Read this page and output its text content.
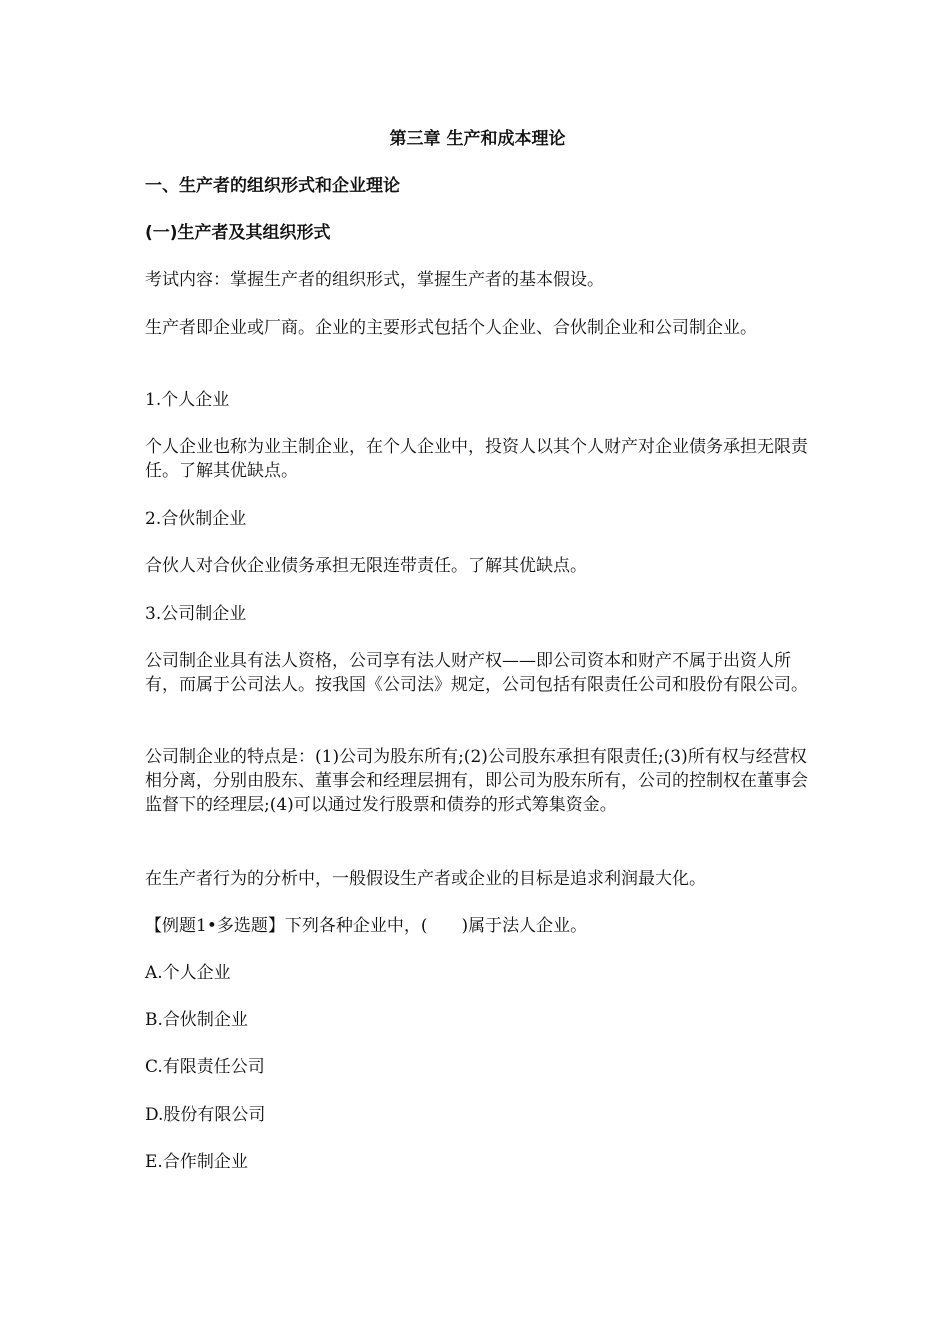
第三章 生产和成本理论
一、生产者的组织形式和企业理论
(一)生产者及其组织形式
考试内容：掌握生产者的组织形式，掌握生产者的基本假设。
生产者即企业或厂商。企业的主要形式包括个人企业、合伙制企业和公司制企业。
1.个人企业
个人企业也称为业主制企业，在个人企业中，投资人以其个人财产对企业债务承担无限责任。了解其优缺点。
2.合伙制企业
合伙人对合伙企业债务承担无限连带责任。了解其优缺点。
3.公司制企业
公司制企业具有法人资格，公司享有法人财产权——即公司资本和财产不属于出资人所有，而属于公司法人。按我国《公司法》规定，公司包括有限责任公司和股份有限公司。
公司制企业的特点是：(1)公司为股东所有;(2)公司股东承担有限责任;(3)所有权与经营权相分离，分别由股东、董事会和经理层拥有，即公司为股东所有，公司的控制权在董事会监督下的经理层;(4)可以通过发行股票和债券的形式筹集资金。
在生产者行为的分析中，一般假设生产者或企业的目标是追求利润最大化。
【例题1•多选题】下列各种企业中，(　　)属于法人企业。
A.个人企业
B.合伙制企业
C.有限责任公司
D.股份有限公司
E.合作制企业
